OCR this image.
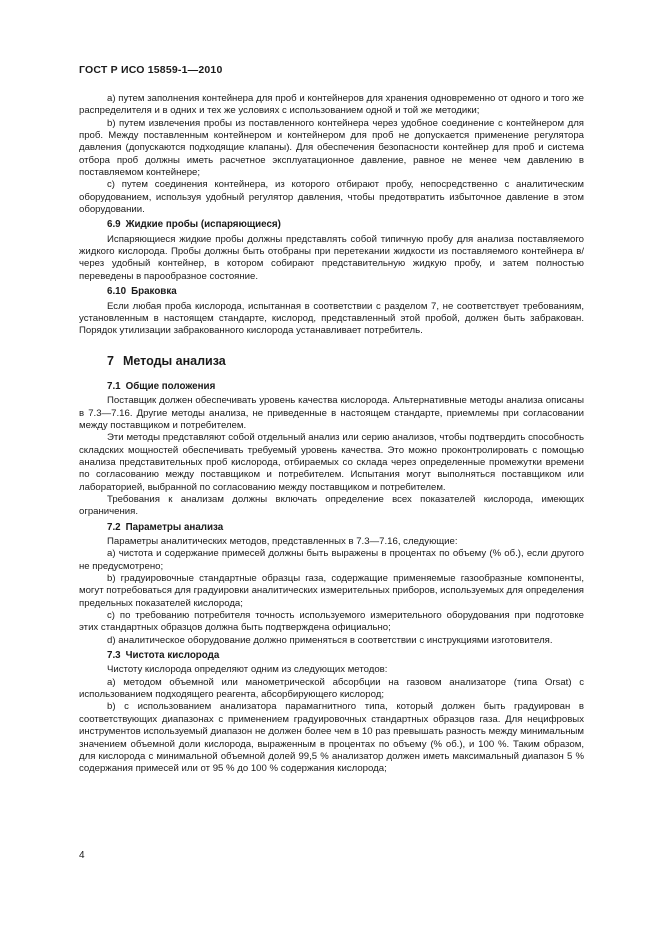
ГОСТ Р ИСО 15859-1—2010

а) путем заполнения контейнера для проб и контейнеров для хранения одновременно от одного и того же распределителя и в одних и тех же условиях с использованием одной и той же методики;

b) путем извлечения пробы из поставленного контейнера через удобное соединение с контейнером для проб. Между поставленным контейнером и контейнером для проб не допускается применение регулятора давления (допускаются подходящие клапаны). Для обеспечения безопасности контейнер для проб и система отбора проб должны иметь расчетное эксплуатационное давление, равное не менее чем давлению в поставляемом контейнере;

с) путем соединения контейнера, из которого отбирают пробу, непосредственно с аналитическим оборудованием, используя удобный регулятор давления, чтобы предотвратить избыточное давление в этом оборудовании.

6.9 Жидкие пробы (испаряющиеся)

Испаряющиеся жидкие пробы должны представлять собой типичную пробу для анализа поставляемого жидкого кислорода. Пробы должны быть отобраны при перетекании жидкости из поставляемого контейнера в/через удобный контейнер, в котором собирают представительную жидкую пробу, и затем полностью переведены в парообразное состояние.

6.10 Браковка

Если любая проба кислорода, испытанная в соответствии с разделом 7, не соответствует требованиям, установленным в настоящем стандарте, кислород, представленный этой пробой, должен быть забракован. Порядок утилизации забракованного кислорода устанавливает потребитель.

7 Методы анализа
7.1 Общие положения

Поставщик должен обеспечивать уровень качества кислорода. Альтернативные методы анализа описаны в 7.3—7.16. Другие методы анализа, не приведенные в настоящем стандарте, приемлемы при согласовании между поставщиком и потребителем.

Эти методы представляют собой отдельный анализ или серию анализов, чтобы подтвердить способность складских мощностей обеспечивать требуемый уровень качества. Это можно проконтролировать с помощью анализа представительных проб кислорода, отбираемых со склада через определенные промежутки времени по согласованию между поставщиком и потребителем. Испытания могут выполняться поставщиком или лабораторией, выбранной по согласованию между поставщиком и потребителем.

Требования к анализам должны включать определение всех показателей кислорода, имеющих ограничения.

7.2 Параметры анализа

Параметры аналитических методов, представленных в 7.3—7.16, следующие:

а) чистота и содержание примесей должны быть выражены в процентах по объему (% об.), если другого не предусмотрено;

b) градуировочные стандартные образцы газа, содержащие применяемые газообразные компоненты, могут потребоваться для градуировки аналитических измерительных приборов, используемых для определения предельных показателей кислорода;

с) по требованию потребителя точность используемого измерительного оборудования при подготовке этих стандартных образцов должна быть подтверждена официально;

d) аналитическое оборудование должно применяться в соответствии с инструкциями изготовителя.

7.3 Чистота кислорода

Чистоту кислорода определяют одним из следующих методов:

а) методом объемной или манометрической абсорбции на газовом анализаторе (типа Orsat) с использованием подходящего реагента, абсорбирующего кислород;

b) с использованием анализатора парамагнитного типа, который должен быть градуирован в соответствующих диапазонах с применением градуировочных стандартных образцов газа. Для нецифровых инструментов используемый диапазон не должен более чем в 10 раз превышать разность между минимальным значением объемной доли кислорода, выраженным в процентах по объему (% об.), и 100 %. Таким образом, для кислорода с минимальной объемной долей 99,5 % анализатор должен иметь максимальный диапазон 5 % содержания примесей или от 95 % до 100 % содержания кислорода;

4
